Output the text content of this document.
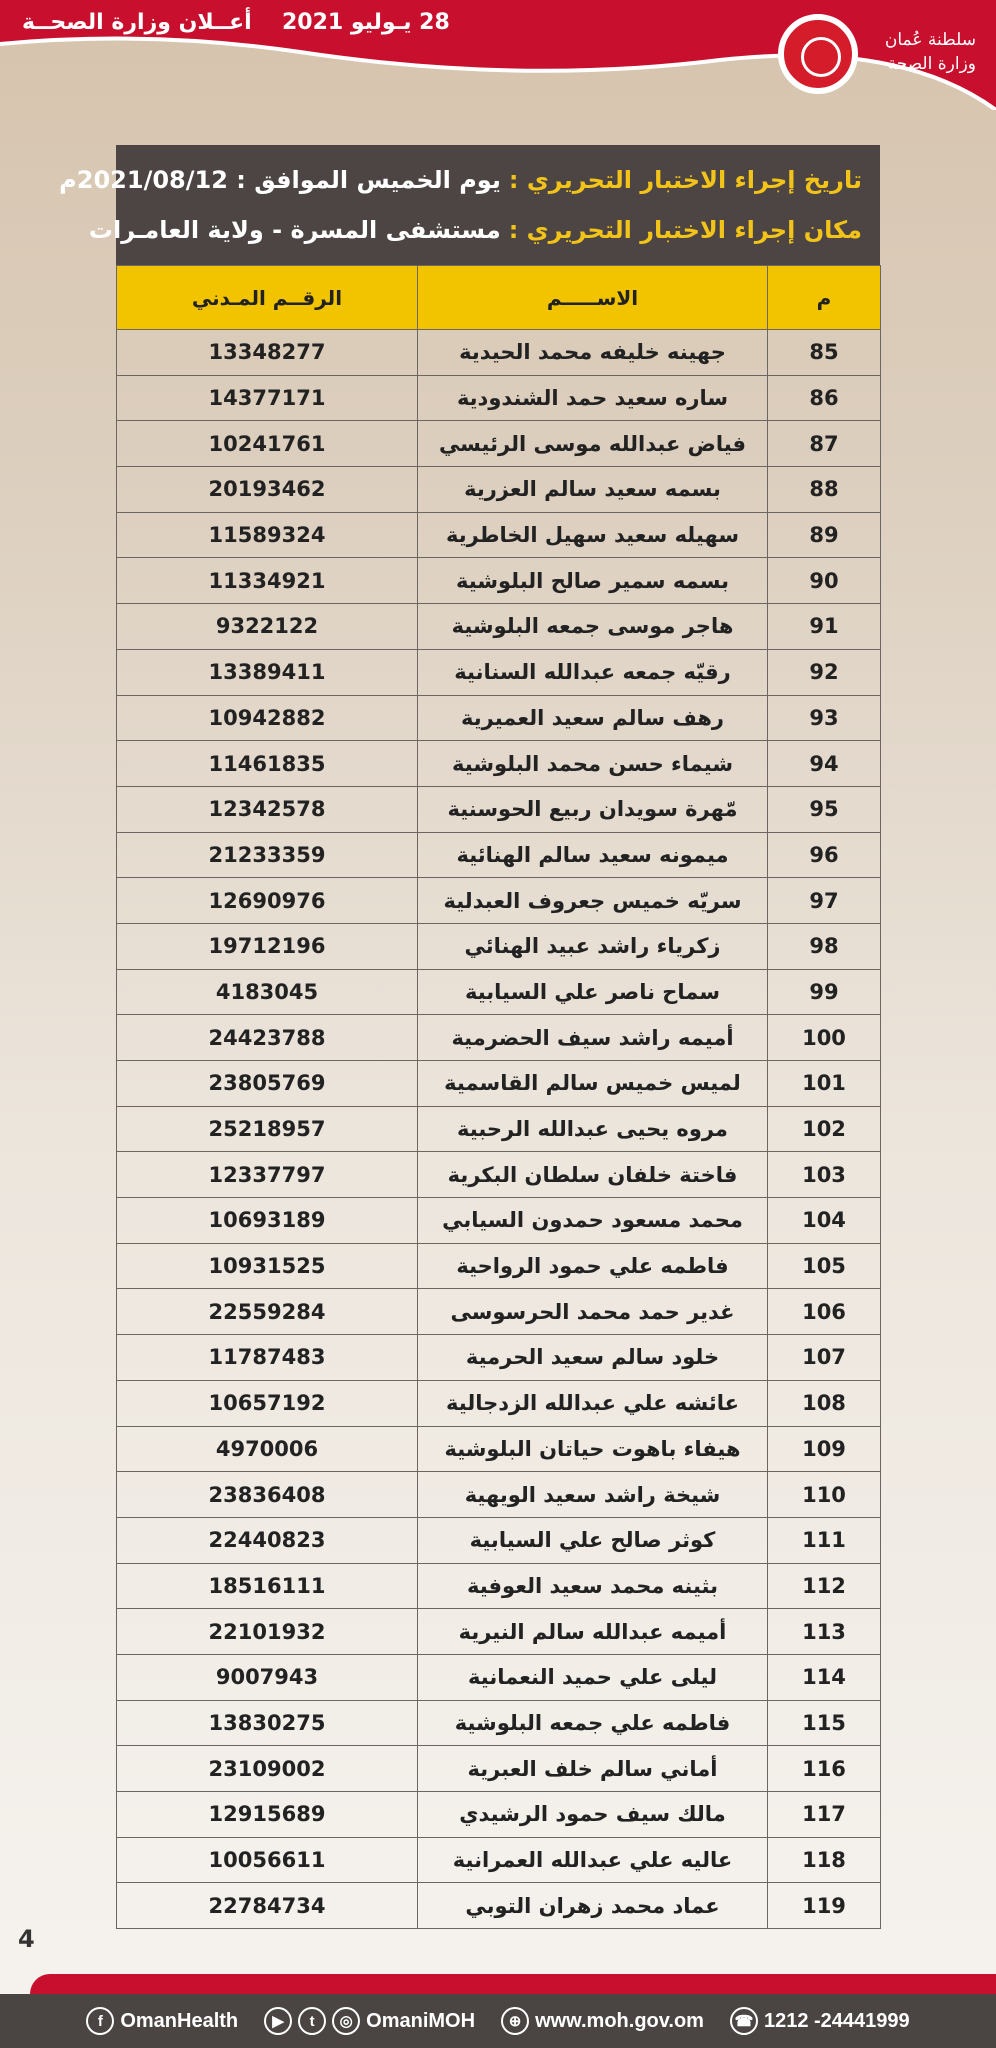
أعــلان وزارة الصحــة 28 يـوليو 2021
سلطنة عُمان
وزارة الصحة
تاريخ إجراء الاختبار التحريري :
يوم الخميس الموافق : 2021/08/12م
مكان إجراء الاختبار التحريري :
مستشفى المسرة - ولاية العامـرات
م	الاســـــم	الرقــم المـدني
85	جهينه خليفه محمد الحيدية	13348277
86	ساره سعيد حمد الشندودية	14377171
87	فياض عبدالله موسى الرئيسي	10241761
88	بسمه سعيد سالم العزرية	20193462
89	سهيله سعيد سهيل الخاطرية	11589324
90	بسمه سمير صالح البلوشية	11334921
91	هاجر موسى جمعه البلوشية	9322122
92	رقيّه جمعه عبدالله السنانية	13389411
93	رهف سالم سعيد العميرية	10942882
94	شيماء حسن محمد البلوشية	11461835
95	مّهرة سويدان ربيع الحوسنية	12342578
96	ميمونه سعيد سالم الهنائية	21233359
97	سريّه خميس جعروف العبدلية	12690976
98	زكرياء راشد عبيد الهنائي	19712196
99	سماح ناصر علي السيابية	4183045
100	أميمه راشد سيف الحضرمية	24423788
101	لميس خميس سالم القاسمية	23805769
102	مروه يحيى عبدالله الرحبية	25218957
103	فاختة خلفان سلطان البكرية	12337797
104	محمد مسعود حمدون السيابي	10693189
105	فاطمه علي حمود الرواحية	10931525
106	غدير حمد محمد الحرسوسى	22559284
107	خلود سالم سعيد الحرمية	11787483
108	عائشه علي عبدالله الزدجالية	10657192
109	هيفاء باهوت حياتان البلوشية	4970006
110	شيخة راشد سعيد الويهية	23836408
111	كوثر صالح علي السيابية	22440823
112	بثينه محمد سعيد العوفية	18516111
113	أميمه عبدالله سالم النيرية	22101932
114	ليلى علي حميد النعمانية	9007943
115	فاطمه علي جمعه البلوشية	13830275
116	أماني سالم خلف العبرية	23109002
117	مالك سيف حمود الرشيدي	12915689
118	عاليه علي عبدالله العمرانية	10056611
119	عماد محمد زهران التوبي	22784734
4
f OmanHealth	▶	t	◎ OmaniMOH	⊕ www.moh.gov.om	☎ 1212 -24441999
